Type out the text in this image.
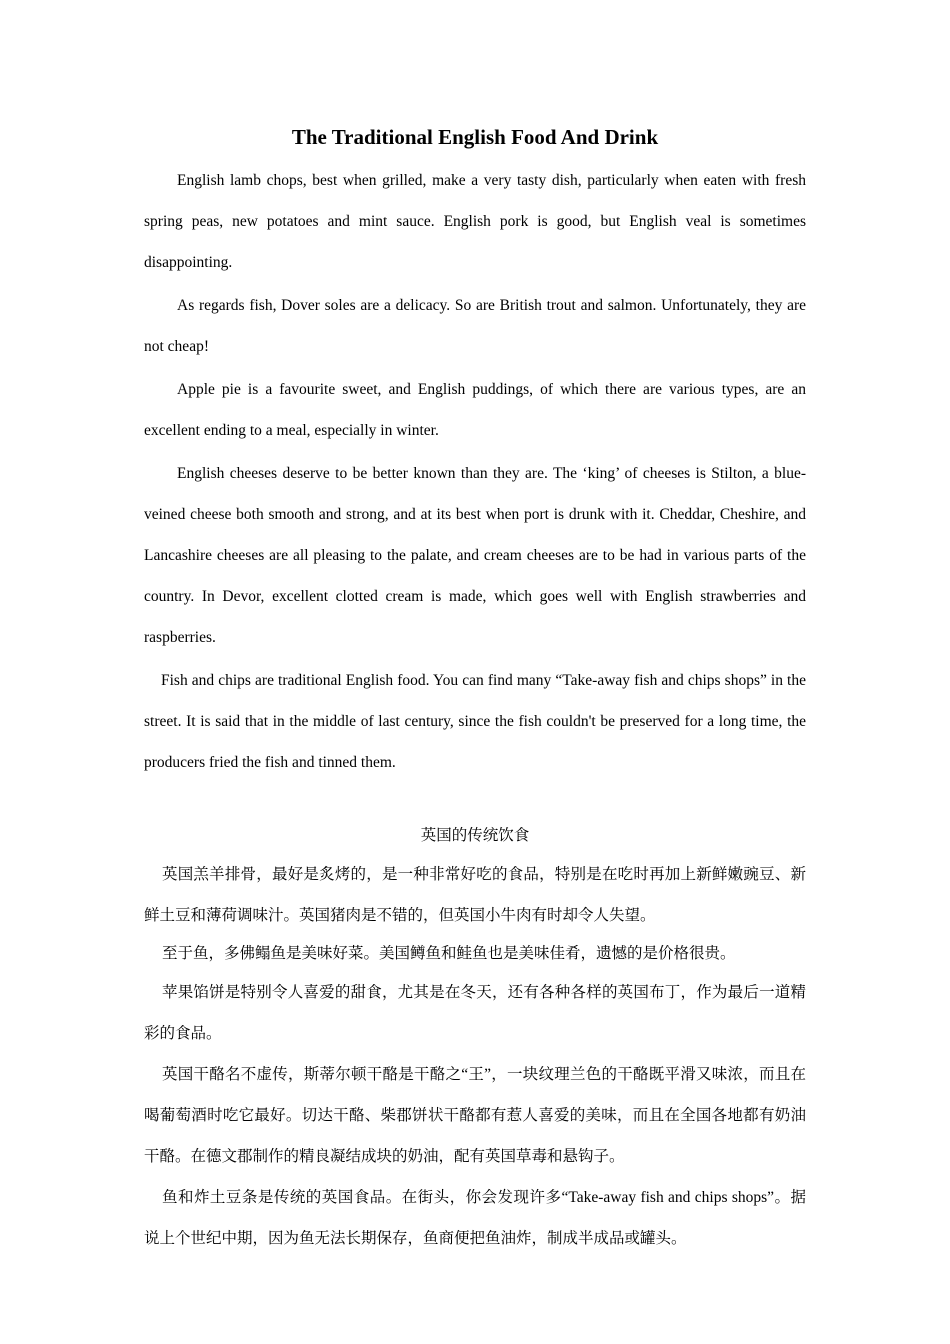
The Traditional English Food And Drink

English lamb chops, best when grilled, make a very tasty dish, particularly when eaten with fresh spring peas, new potatoes and mint sauce. English pork is good, but English veal is sometimes disappointing.

As regards fish, Dover soles are a delicacy. So are British trout and salmon. Unfortunately, they are not cheap!

Apple pie is a favourite sweet, and English puddings, of which there are various types, are an excellent ending to a meal, especially in winter.

English cheeses deserve to be better known than they are. The ‘king’ of cheeses is Stilton, a blue-veined cheese both smooth and strong, and at its best when port is drunk with it. Cheddar, Cheshire, and Lancashire cheeses are all pleasing to the palate, and cream cheeses are to be had in various parts of the country. In Devor, excellent clotted cream is made, which goes well with English strawberries and raspberries.

Fish and chips are traditional English food. You can find many “Take-away fish and chips shops” in the street. It is said that in the middle of last century, since the fish couldn't be preserved for a long time, the producers fried the fish and tinned them.

英国的传统饮食

英国羔羊排骨，最好是炙烤的，是一种非常好吃的食品，特别是在吃时再加上新鲜嫩豌豆、新鲜土豆和薄荷调味汁。英国猪肉是不错的，但英国小牛肉有时却令人失望。

至于鱼，多佛鳎鱼是美味好菜。美国鳟鱼和鲑鱼也是美味佳肴，遗憾的是价格很贵。

苹果馅饼是特别令人喜爱的甜食，尤其是在冬天，还有各种各样的英国布丁，作为最后一道精彩的食品。

英国干酪名不虚传，斯蒂尔顿干酪是干酪之“王”，一块纹理兰色的干酪既平滑又味浓，而且在喝葡萄酒时吃它最好。切达干酪、柴郡饼状干酪都有惹人喜爱的美味，而且在全国各地都有奶油干酪。在德文郡制作的精良凝结成块的奶油，配有英国草毒和悬钩子。

鱼和炸土豆条是传统的英国食品。在街头，你会发现许多“Take-away fish and chips shops”。据说上个世纪中期，因为鱼无法长期保存，鱼商便把鱼油炸，制成半成品或罐头。
